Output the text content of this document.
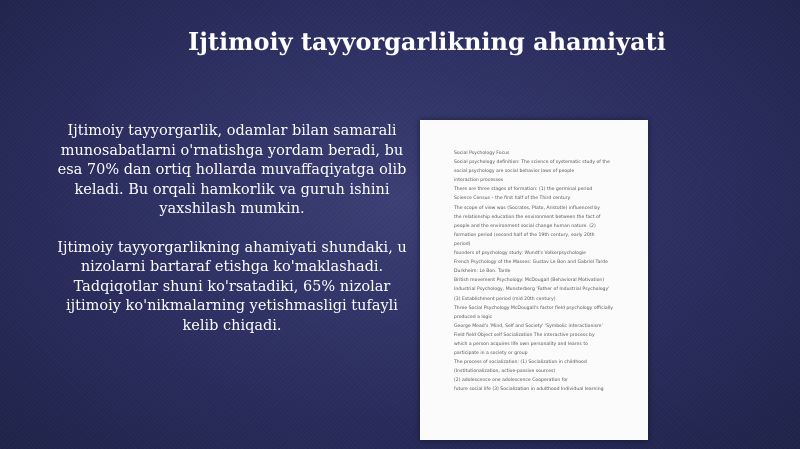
Ijtimoiy tayyorgarlikning ahamiyati

Ijtimoiy tayyorgarlik, odamlar bilan samarali munosabatlarni o'rnatishga yordam beradi, bu esa 70% dan ortiq hollarda muvaffaqiyatga olib keladi. Bu orqali hamkorlik va guruh ishini yaxshilash mumkin.

Ijtimoiy tayyorgarlikning ahamiyati shundaki, u nizolarni bartaraf etishga ko'maklashadi. Tadqiqotlar shuni ko'rsatadiki, 65% nizolar ijtimoiy ko'nikmalarning yetishmasligi tufayli kelib chiqadi.

Social Psychology Focus
Social psychology definition: The science of systematic study of the
social psychology are social behavior laws of people
interaction processes
There are three stages of formation: (1) the germinal period
Science Census – the first half of the Third century
The scope of view was (Socrates, Plato, Aristotle) influenced by
the relationship education the environment between the fact of
people and the environment social change human nature. (2)
formation period (second half of the 19th century, early 20th
period)
founders of psychology study: Wundt's Volkerpsychologie
French Psychology of the Masses: Gustav Le Bon and Gabriel Tarde
Durkheim: Le Bon. Tarde
British movement Psychology: McDougall (Behavioral Motivation)
Industrial Psychology, Munsterberg 'Father of Industrial Psychology'
(3) Establishment period (mid 20th century)
Three Social Psychology McDougall's factor field psychology officially
produced a logic
George Mead's 'Mind, Self and Society' 'Symbolic interactionism'
Field field Object self Socialization The interactive process by
which a person acquires life own personality and learns to
participate in a society or group
The process of socialization: (1) Socialization in childhood
(Institutionalization, active-passive sources)
(2) adolescence one adolescence Cooperation for
future social life (3) Socialization in adulthood Individual learning
